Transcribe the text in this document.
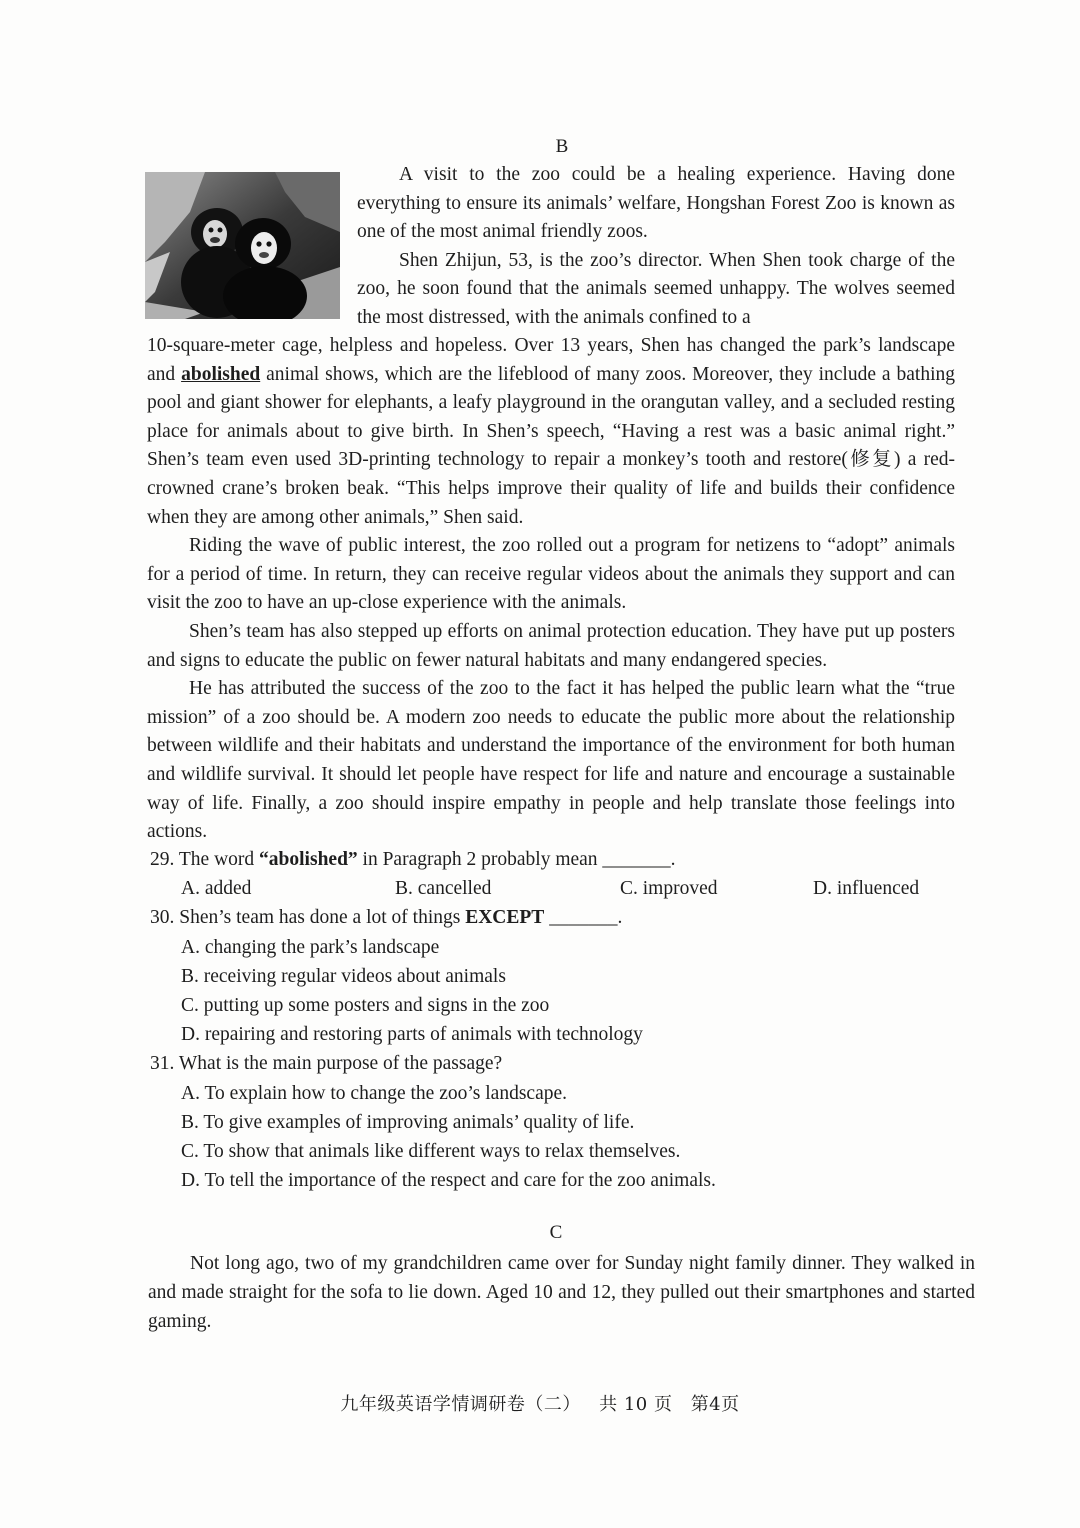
B

A visit to the zoo could be a healing experience. Having done everything to ensure its animals’ welfare, Hongshan Forest Zoo is known as one of the most animal friendly zoos.

Shen Zhijun, 53, is the zoo’s director. When Shen took charge of the zoo, he soon found that the animals seemed unhappy. The wolves seemed the most distressed, with the animals confined to a

10-square-meter cage, helpless and hopeless. Over 13 years, Shen has changed the park’s landscape and abolished animal shows, which are the lifeblood of many zoos. Moreover, they include a bathing pool and giant shower for elephants, a leafy playground in the orangutan valley, and a secluded resting place for animals about to give birth. In Shen’s speech, “Having a rest was a basic animal right.” Shen’s team even used 3D-printing technology to repair a monkey’s tooth and restore(修复) a red-crowned crane’s broken beak. “This helps improve their quality of life and builds their confidence when they are among other animals,” Shen said.

Riding the wave of public interest, the zoo rolled out a program for netizens to “adopt” animals for a period of time. In return, they can receive regular videos about the animals they support and can visit the zoo to have an up-close experience with the animals.

Shen’s team has also stepped up efforts on animal protection education. They have put up posters and signs to educate the public on fewer natural habitats and many endangered species.

He has attributed the success of the zoo to the fact it has helped the public learn what the “true mission” of a zoo should be. A modern zoo needs to educate the public more about the relationship between wildlife and their habitats and understand the importance of the environment for both human and wildlife survival. It should let people have respect for life and nature and encourage a sustainable way of life. Finally, a zoo should inspire empathy in people and help translate those feelings into actions.

29. The word “abolished” in Paragraph 2 probably mean _______.
A. added	B. cancelled	C. improved	D. influenced
30. Shen’s team has done a lot of things EXCEPT _______.
A. changing the park’s landscape
B. receiving regular videos about animals
C. putting up some posters and signs in the zoo
D. repairing and restoring parts of animals with technology
31. What is the main purpose of the passage?
A. To explain how to change the zoo’s landscape.
B. To give examples of improving animals’ quality of life.
C. To show that animals like different ways to relax themselves.
D. To tell the importance of the respect and care for the zoo animals.
C

Not long ago, two of my grandchildren came over for Sunday night family dinner. They walked in and made straight for the sofa to lie down. Aged 10 and 12, they pulled out their smartphones and started gaming.

九年级英语学情调研卷（二） 共 10 页 第4页
